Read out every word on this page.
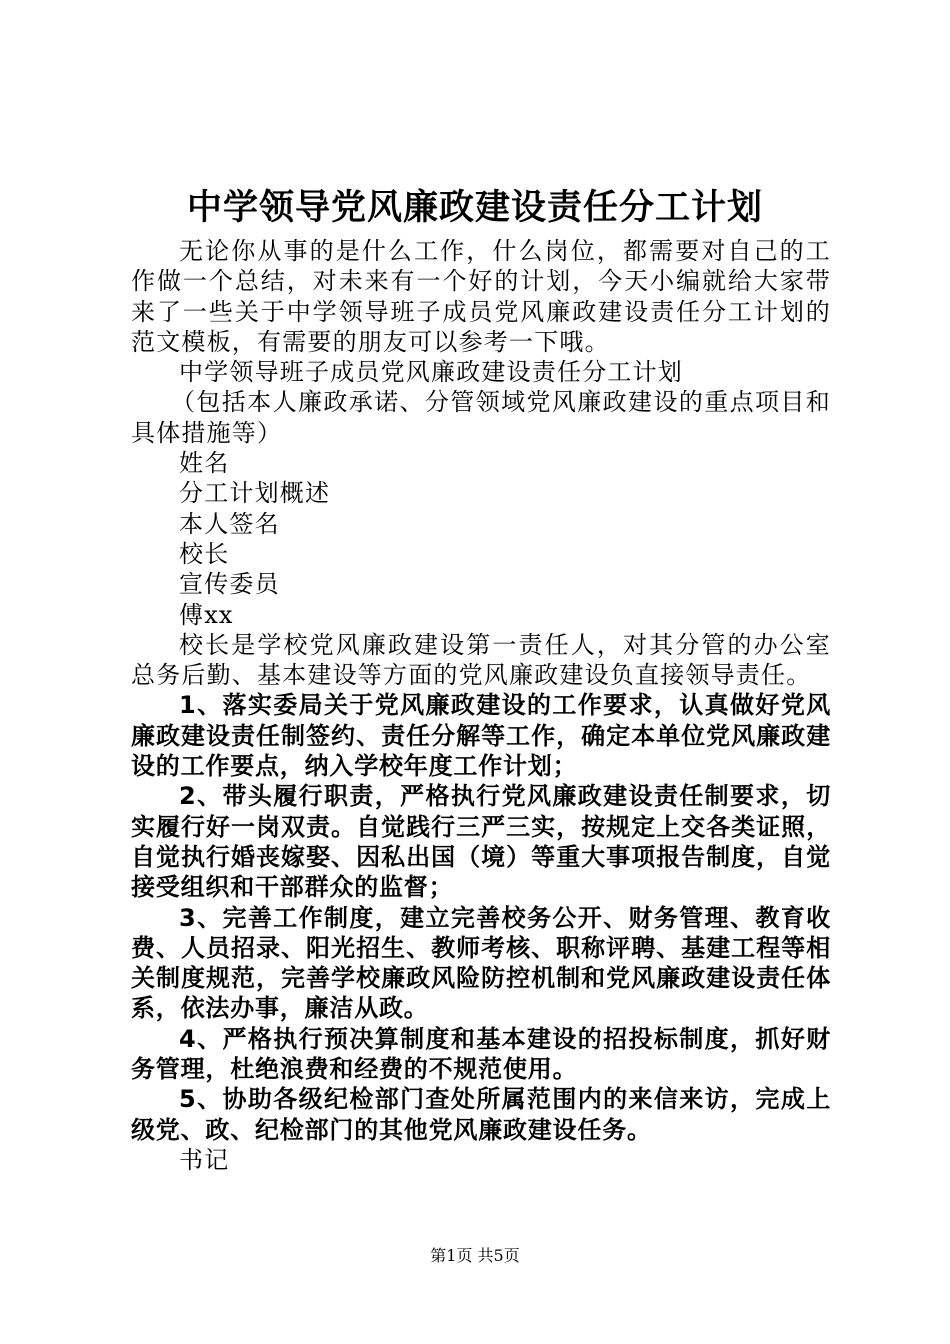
中学领导党风廉政建设责任分工计划

无论你从事的是什么工作，什么岗位，都需要对自己的工作做一个总结，对未来有一个好的计划，今天小编就给大家带来了一些关于中学领导班子成员党风廉政建设责任分工计划的范文模板，有需要的朋友可以参考一下哦。

中学领导班子成员党风廉政建设责任分工计划

（包括本人廉政承诺、分管领域党风廉政建设的重点项目和具体措施等）

姓名

分工计划概述

本人签名

校长

宣传委员

傅xx

校长是学校党风廉政建设第一责任人，对其分管的办公室总务后勤、基本建设等方面的党风廉政建设负直接领导责任。

1、落实委局关于党风廉政建设的工作要求，认真做好党风廉政建设责任制签约、责任分解等工作，确定本单位党风廉政建设的工作要点，纳入学校年度工作计划；

2、带头履行职责，严格执行党风廉政建设责任制要求，切实履行好一岗双责。自觉践行三严三实，按规定上交各类证照，自觉执行婚丧嫁娶、因私出国（境）等重大事项报告制度，自觉接受组织和干部群众的监督；

3、完善工作制度，建立完善校务公开、财务管理、教育收费、人员招录、阳光招生、教师考核、职称评聘、基建工程等相关制度规范，完善学校廉政风险防控机制和党风廉政建设责任体系，依法办事，廉洁从政。

4、严格执行预决算制度和基本建设的招投标制度，抓好财务管理，杜绝浪费和经费的不规范使用。

5、协助各级纪检部门查处所属范围内的来信来访，完成上级党、政、纪检部门的其他党风廉政建设任务。

书记

第1页 共5页
